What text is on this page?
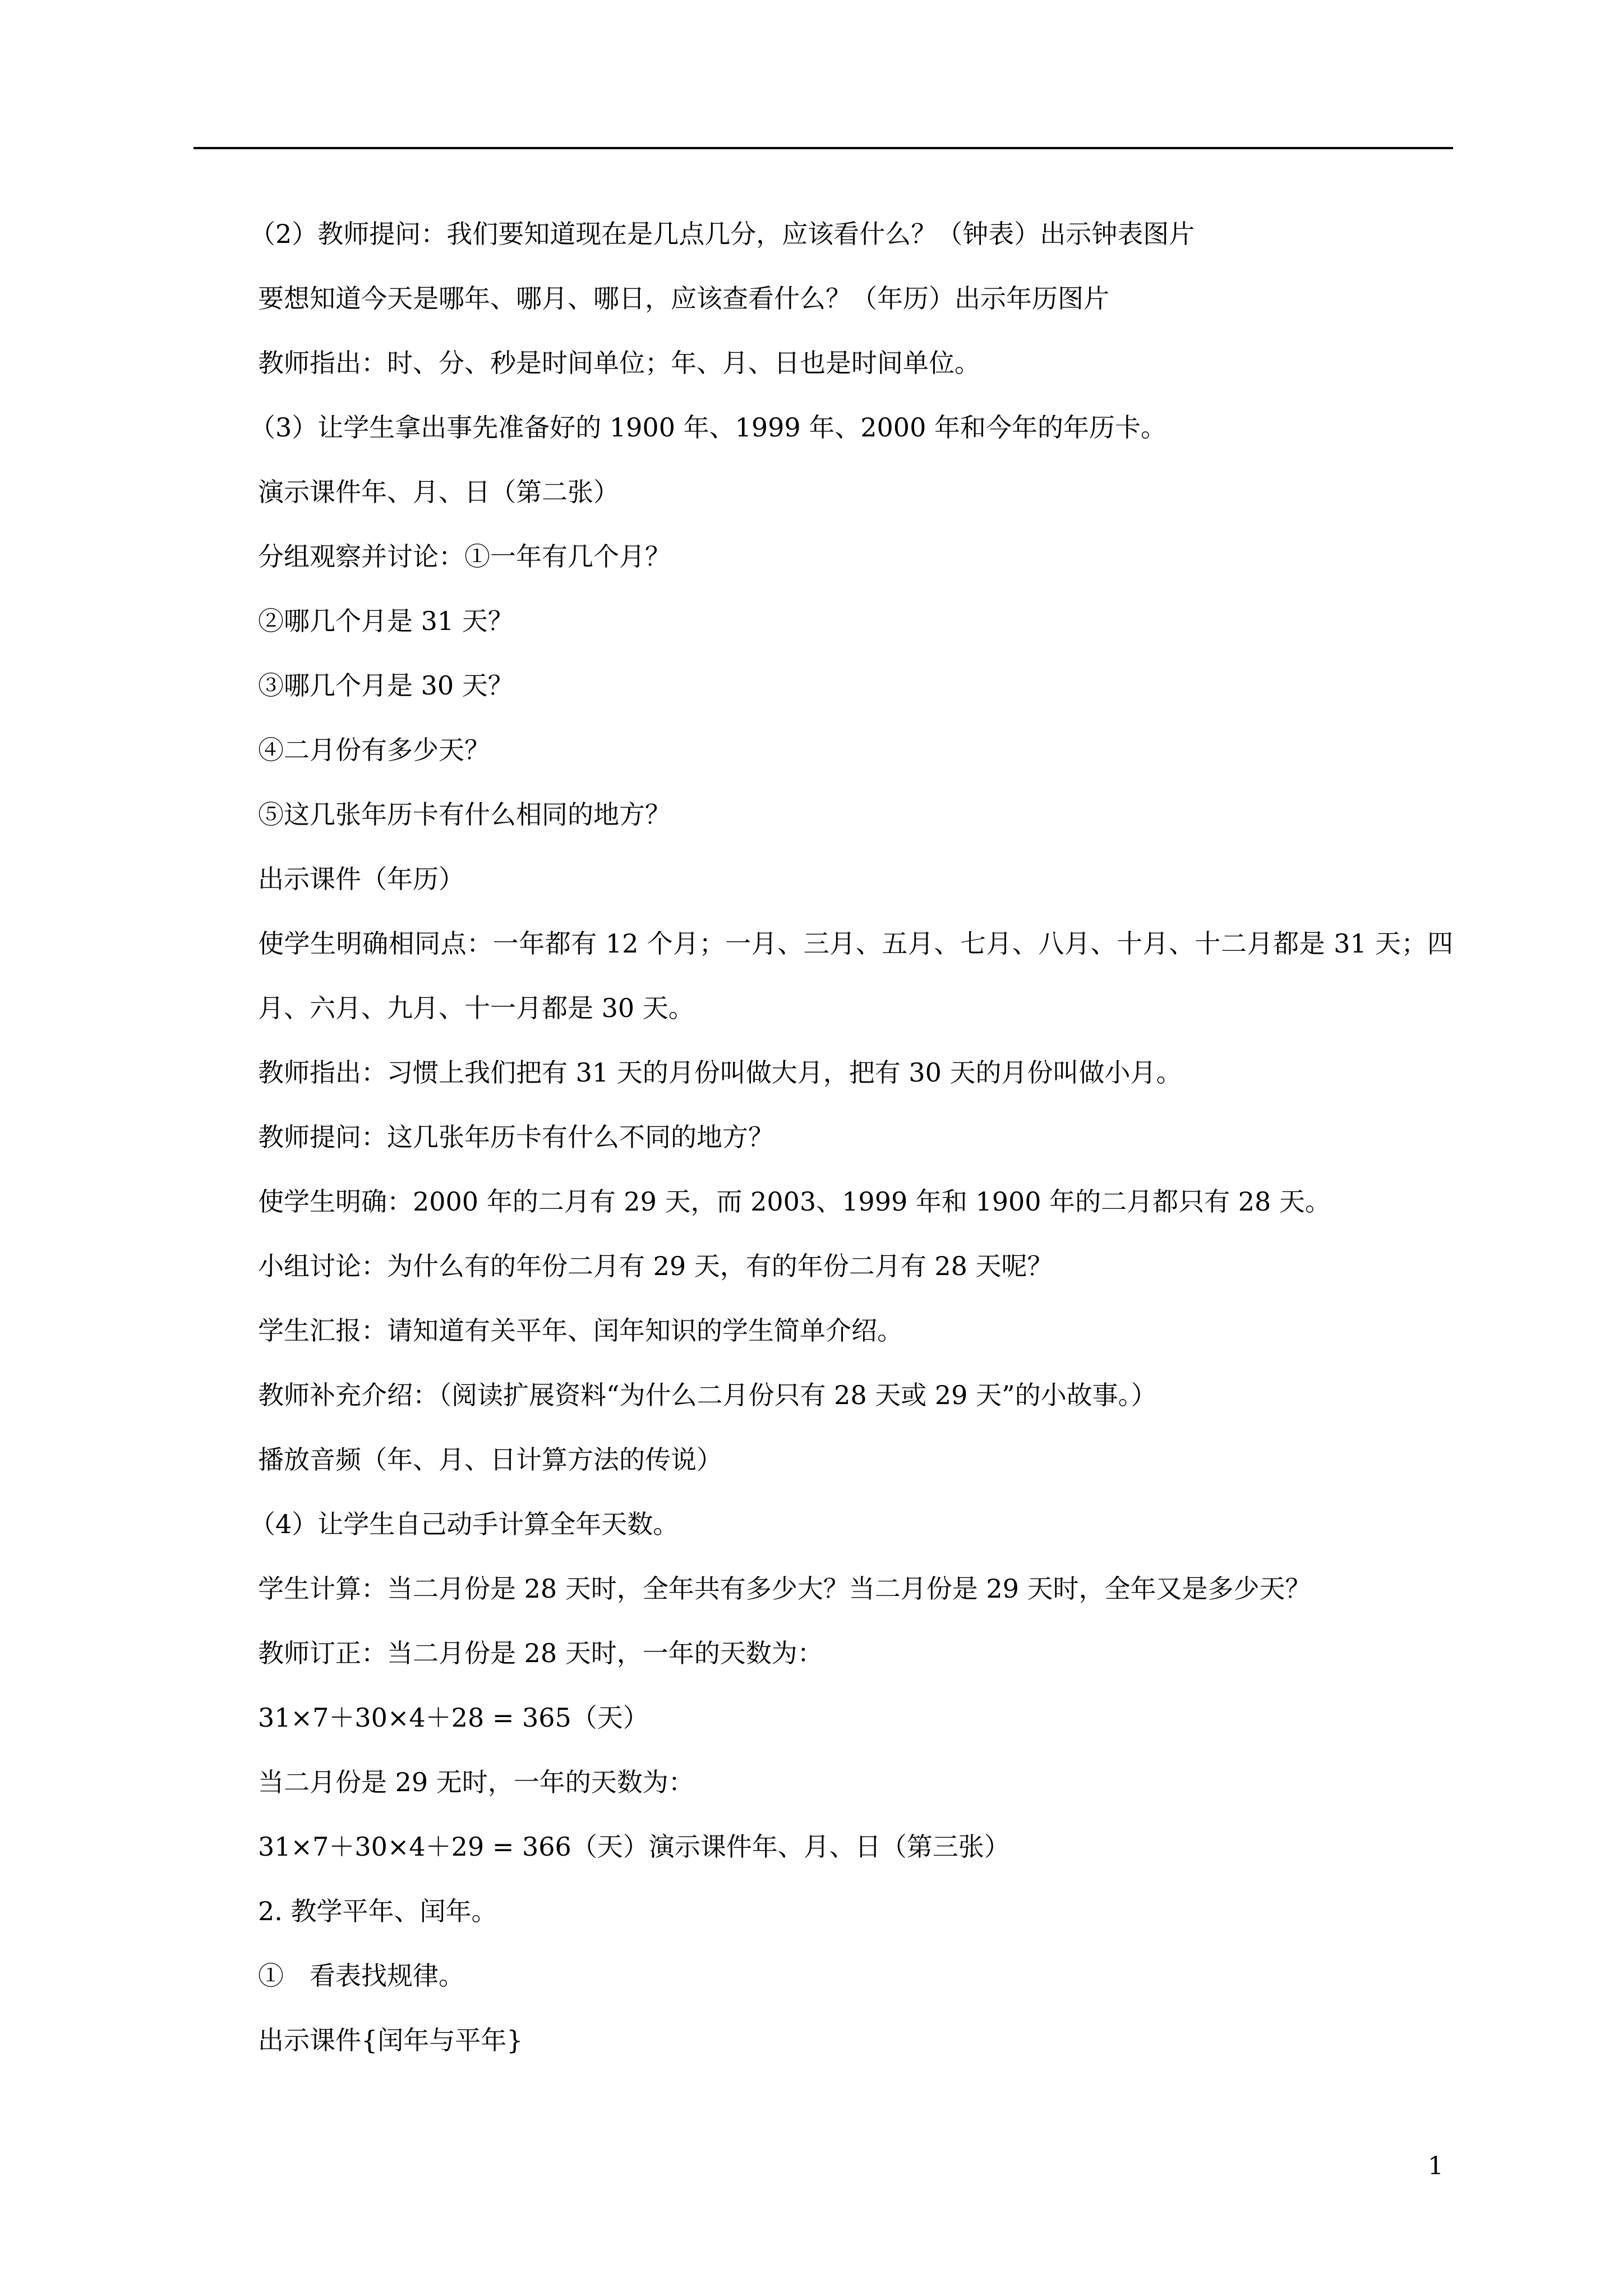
（2）教师提问：我们要知道现在是几点几分，应该看什么？（钟表）出示钟表图片

要想知道今天是哪年、哪月、哪日，应该查看什么？（年历）出示年历图片

教师指出：时、分、秒是时间单位；年、月、日也是时间单位。

（3）让学生拿出事先准备好的 1900 年、1999 年、2000 年和今年的年历卡。

演示课件年、月、日（第二张）

分组观察并讨论：①一年有几个月？

②哪几个月是 31 天？

③哪几个月是 30 天？

④二月份有多少天？

⑤这几张年历卡有什么相同的地方？

出示课件（年历）

使学生明确相同点：一年都有 12 个月；一月、三月、五月、七月、八月、十月、十二月都是 31 天；四月、六月、九月、十一月都是 30 天。

教师指出：习惯上我们把有 31 天的月份叫做大月，把有 30 天的月份叫做小月。

教师提问：这几张年历卡有什么不同的地方？

使学生明确：2000 年的二月有 29 天，而 2003、1999 年和 1900 年的二月都只有 28 天。

小组讨论：为什么有的年份二月有 29 天，有的年份二月有 28 天呢？

学生汇报：请知道有关平年、闰年知识的学生简单介绍。

教师补充介绍：（阅读扩展资料“为什么二月份只有 28 天或 29 天”的小故事。）

播放音频（年、月、日计算方法的传说）

（4）让学生自己动手计算全年天数。

学生计算：当二月份是 28 天时，全年共有多少大？当二月份是 29 天时，全年又是多少天？

教师订正：当二月份是 28 天时，一年的天数为：

31×7＋30×4＋28 = 365（天）

当二月份是 29 无时，一年的天数为：

31×7＋30×4＋29 = 366（天）演示课件年、月、日（第三张）

2. 教学平年、闰年。

①　看表找规律。

出示课件{闰年与平年}

1
